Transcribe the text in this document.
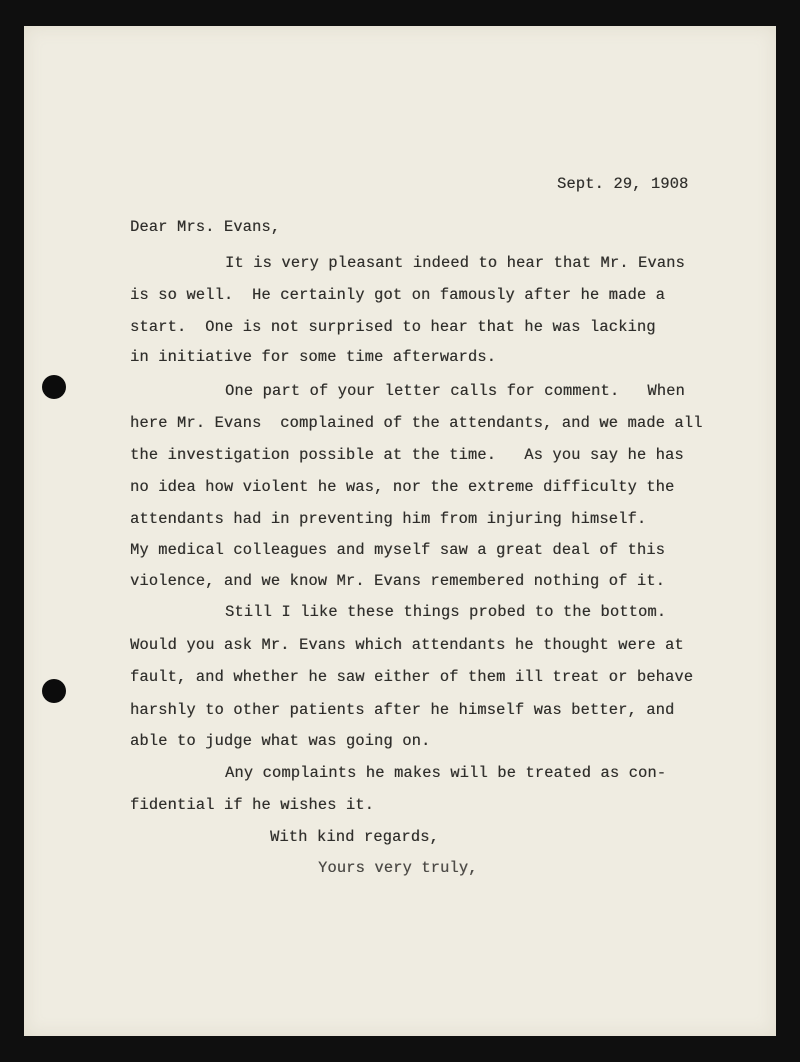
Sept. 29, 1908
Dear Mrs. Evans,
It is very pleasant indeed to hear that Mr. Evans
is so well.  He certainly got on famously after he made a
start.  One is not surprised to hear that he was lacking
in initiative for some time afterwards.
One part of your letter calls for comment.   When
here Mr. Evans  complained of the attendants, and we made all
the investigation possible at the time.   As you say he has
no idea how violent he was, nor the extreme difficulty the
attendants had in preventing him from injuring himself.
My medical colleagues and myself saw a great deal of this
violence, and we know Mr. Evans remembered nothing of it.
Still I like these things probed to the bottom.
Would you ask Mr. Evans which attendants he thought were at
fault, and whether he saw either of them ill treat or behave
harshly to other patients after he himself was better, and
able to judge what was going on.
Any complaints he makes will be treated as con-
fidential if he wishes it.
With kind regards,
Yours very truly,
